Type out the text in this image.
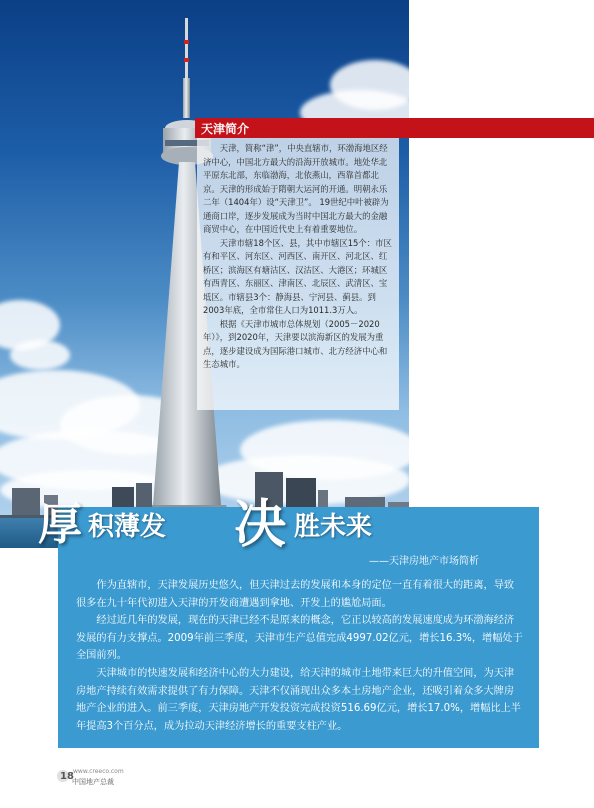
天津简介

天津，简称“津”，中央直辖市，环渤海地区经济中心，中国北方最大的沿海开放城市。地处华北平原东北部，东临渤海，北依燕山，西靠首都北京。天津的形成始于隋朝大运河的开通。明朝永乐二年（1404年）设“天津卫”。 19世纪中叶被辟为通商口岸，逐步发展成为当时中国北方最大的金融商贸中心，在中国近代史上有着重要地位。

天津市辖18个区、县，其中市辖区15个：市区有和平区、河东区、河西区、南开区、河北区、红桥区；滨海区有塘沽区、汉沽区、大港区；环城区有西青区、东丽区、津南区、北辰区、武清区、宝坻区。市辖县3个：静海县、宁河县、蓟县。到2003年底，全市常住人口为1011.3万人。

根据《天津市城市总体规划（2005－2020年）》，到2020年，天津要以滨海新区的发展为重点，逐步建设成为国际港口城市、北方经济中心和生态城市。

厚 积薄发 决 胜未来
——天津房地产市场简析

作为直辖市，天津发展历史悠久，但天津过去的发展和本身的定位一直有着很大的距离，导致很多在九十年代初进入天津的开发商遭遇到拿地、开发上的尴尬局面。

经过近几年的发展，现在的天津已经不是原来的概念，它正以较高的发展速度成为环渤海经济发展的有力支撑点。2009年前三季度，天津市生产总值完成4997.02亿元，增长16.3%，增幅处于全国前列。

天津城市的快速发展和经济中心的大力建设，给天津的城市土地带来巨大的升值空间，为天津房地产持续有效需求提供了有力保障。天津不仅涌现出众多本土房地产企业，还吸引着众多大牌房地产企业的进入。前三季度，天津房地产开发投资完成投资516.69亿元，增长17.0%，增幅比上半年提高3个百分点，成为拉动天津经济增长的重要支柱产业。

18 www.creeco.com
中国地产总裁
